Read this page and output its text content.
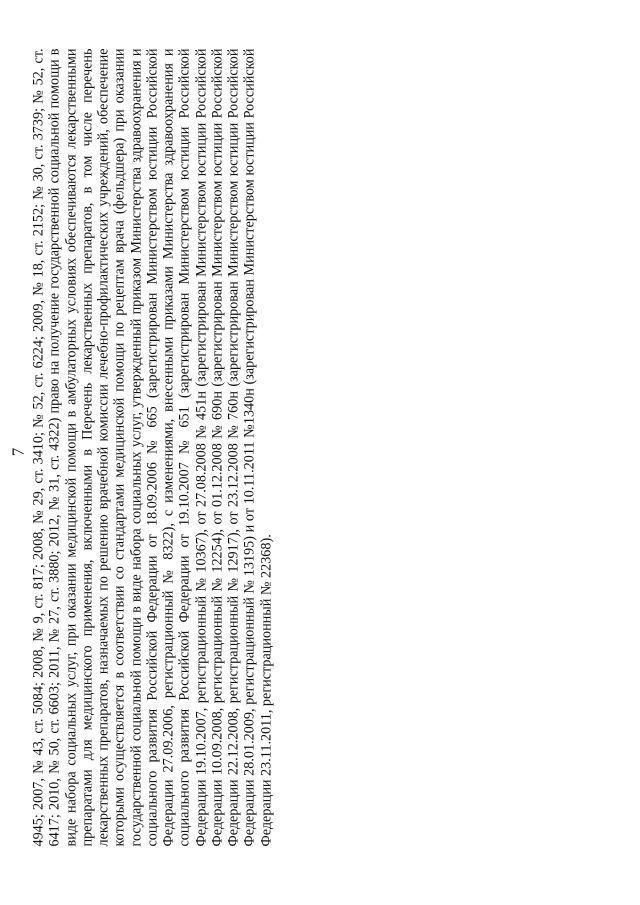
7 4945; 2007, № 43, ст. 5084; 2008, № 9, ст. 817; 2008, № 29, ст. 3410; № 52, ст. 6224; 2009, № 18, ст. 2152; № 30, ст. 3739; № 52, ст. 6417; 2010, № 50, ст. 6603; 2011, № 27, ст. 3880; 2012, № 31, ст. 4322) право на получение государственной социальной помощи в виде набора социальных услуг, при оказании медицинской помощи в амбулаторных условиях обеспечиваются лекарственными препаратами для медицинского применения, включенными в Перечень лекарственных препаратов, в том числе перечень лекарственных препаратов, назначаемых по решению врачебной комиссии лечебно-профилактических учреждений, обеспечение которыми осуществляется в соответствии со стандартами медицинской помощи по рецептам врача (фельдшера) при оказании государственной социальной помощи в виде набора социальных услуг, утвержденный приказом Министерства здравоохранения и социального развития Российской Федерации от 18.09.2006 № 665 (зарегистрирован Министерством юстиции Российской Федерации 27.09.2006, регистрационный № 8322), с изменениями, внесенными приказами Министерства здравоохранения и социального развития Российской Федерации от 19.10.2007 № 651 (зарегистрирован Министерством юстиции Российской Федерации 19.10.2007, регистрационный № 10367), от 27.08.2008 № 451н (зарегистрирован Министерством юстиции Российской Федерации 10.09.2008, регистрационный № 12254), от 01.12.2008 № 690н (зарегистрирован Министерством юстиции Российской Федерации 22.12.2008, регистрационный № 12917), от 23.12.2008 № 760н (зарегистрирован Министерством юстиции Российской Федерации 28.01.2009, регистрационный № 13195) и от 10.11.2011 №1340н (зарегистрирован Министерством юстиции Российской Федерации 23.11.2011, регистрационный № 22368).
